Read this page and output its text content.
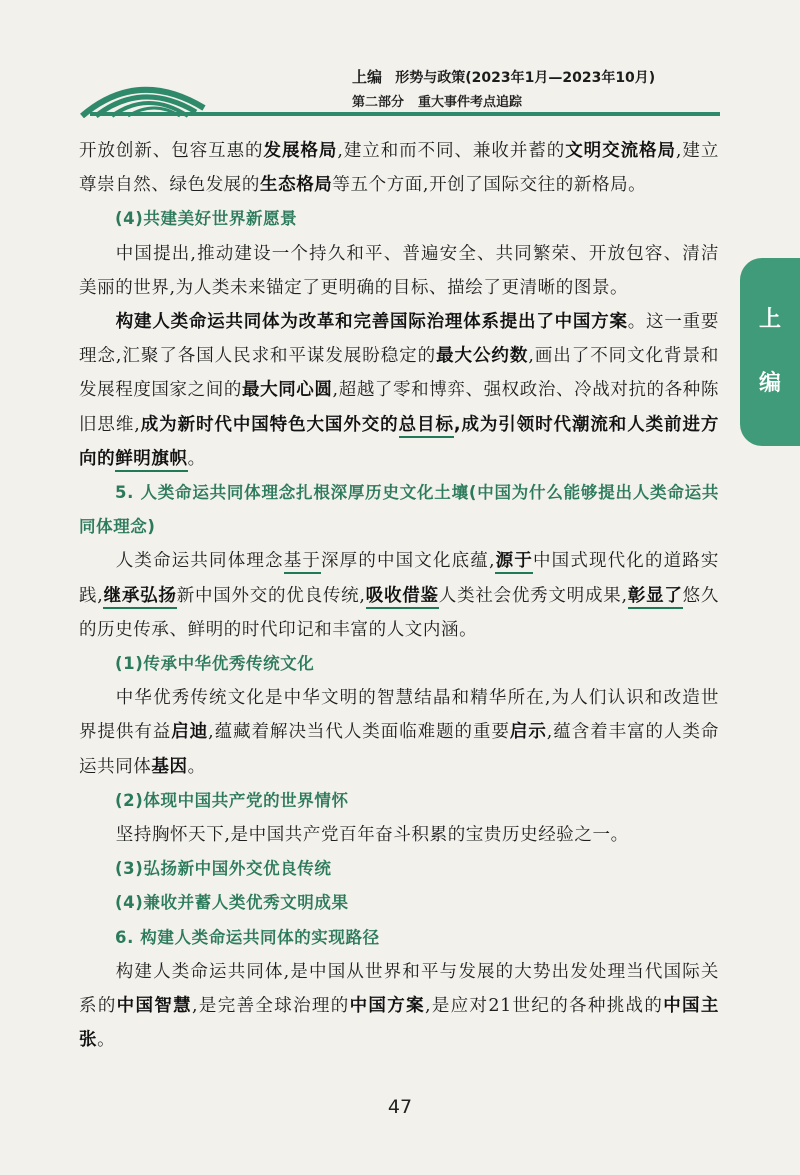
上编 形势与政策(2023年1月—2023年10月)
第二部分 重大事件考点追踪
上
编

开放创新、包容互惠的发展格局,建立和而不同、兼收并蓄的文明交流格局,建立尊崇自然、绿色发展的生态格局等五个方面,开创了国际交往的新格局。

(4)共建美好世界新愿景

中国提出,推动建设一个持久和平、普遍安全、共同繁荣、开放包容、清洁美丽的世界,为人类未来锚定了更明确的目标、描绘了更清晰的图景。

构建人类命运共同体为改革和完善国际治理体系提出了中国方案。这一重要理念,汇聚了各国人民求和平谋发展盼稳定的最大公约数,画出了不同文化背景和发展程度国家之间的最大同心圆,超越了零和博弈、强权政治、冷战对抗的各种陈旧思维,成为新时代中国特色大国外交的总目标,成为引领时代潮流和人类前进方向的鲜明旗帜。

5. 人类命运共同体理念扎根深厚历史文化土壤(中国为什么能够提出人类命运共同体理念)

人类命运共同体理念基于深厚的中国文化底蕴,源于中国式现代化的道路实践,继承弘扬新中国外交的优良传统,吸收借鉴人类社会优秀文明成果,彰显了悠久的历史传承、鲜明的时代印记和丰富的人文内涵。

(1)传承中华优秀传统文化

中华优秀传统文化是中华文明的智慧结晶和精华所在,为人们认识和改造世界提供有益启迪,蕴藏着解决当代人类面临难题的重要启示,蕴含着丰富的人类命运共同体基因。

(2)体现中国共产党的世界情怀

坚持胸怀天下,是中国共产党百年奋斗积累的宝贵历史经验之一。

(3)弘扬新中国外交优良传统

(4)兼收并蓄人类优秀文明成果

6. 构建人类命运共同体的实现路径

构建人类命运共同体,是中国从世界和平与发展的大势出发处理当代国际关系的中国智慧,是完善全球治理的中国方案,是应对21世纪的各种挑战的中国主张。

47
